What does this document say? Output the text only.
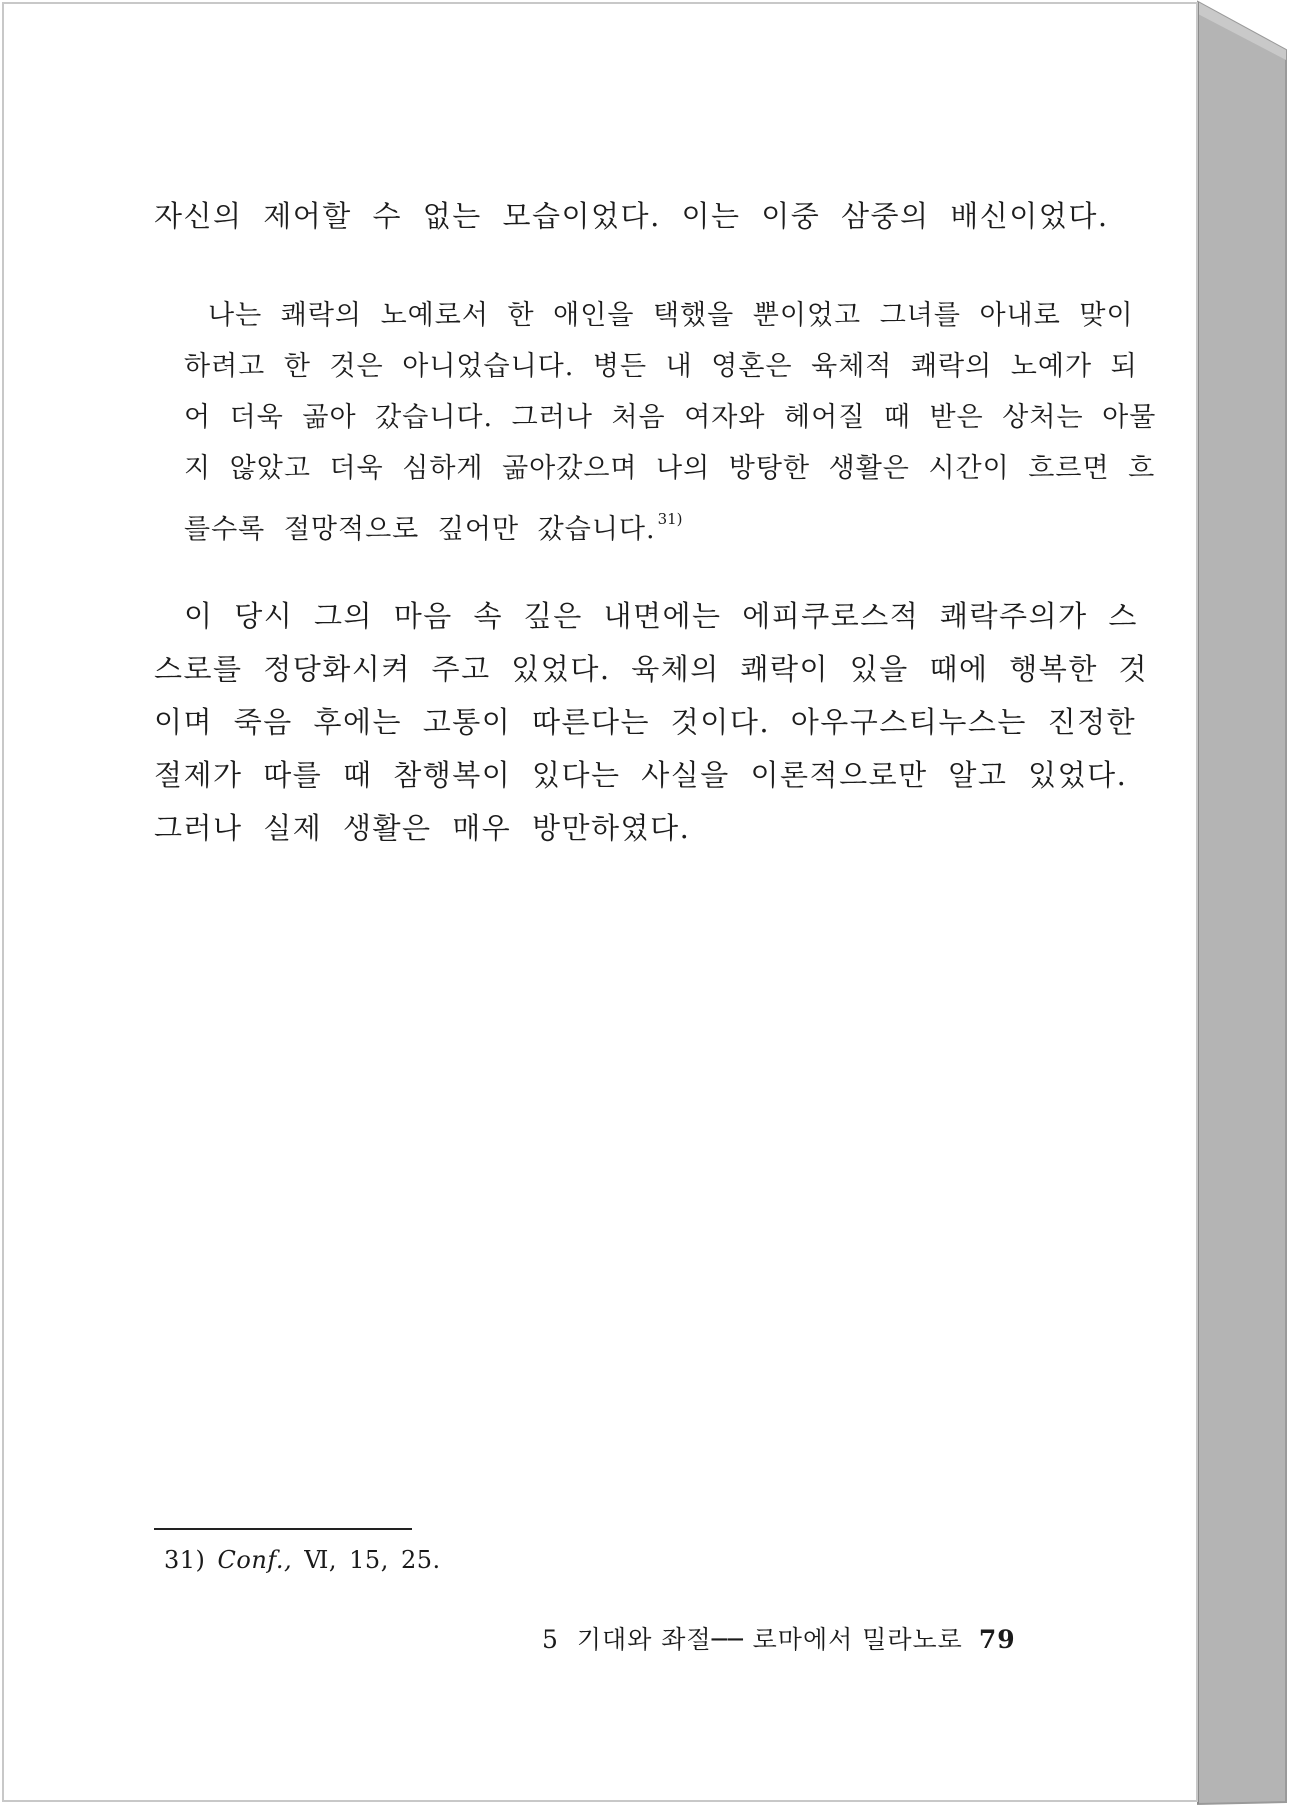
자신의 제어할 수 없는 모습이었다. 이는 이중 삼중의 배신이었다.
나는 쾌락의 노예로서 한 애인을 택했을 뿐이었고 그녀를 아내로 맞이
하려고 한 것은 아니었습니다. 병든 내 영혼은 육체적 쾌락의 노예가 되
어 더욱 곪아 갔습니다. 그러나 처음 여자와 헤어질 때 받은 상처는 아물
지 않았고 더욱 심하게 곪아갔으며 나의 방탕한 생활은 시간이 흐르면 흐
를수록 절망적으로 깊어만 갔습니다. $^{31)}$
이 당시 그의 마음 속 깊은 내면에는 에피쿠로스적 쾌락주의가 스
스로를 정당화시켜 주고 있었다. 육체의 쾌락이 있을 때에 행복한 것
이며 죽음 후에는 고통이 따른다는 것이다. 아우구스티누스는 진정한
절제가 따를 때 참행복이 있다는 사실을 이론적으로만 알고 있었다.
그러나 실제 생활은 매우 방만하였다.
31) Conf., Ⅵ, 15, 25.
5 기대와 좌절── 로마에서 밀라노로 79
